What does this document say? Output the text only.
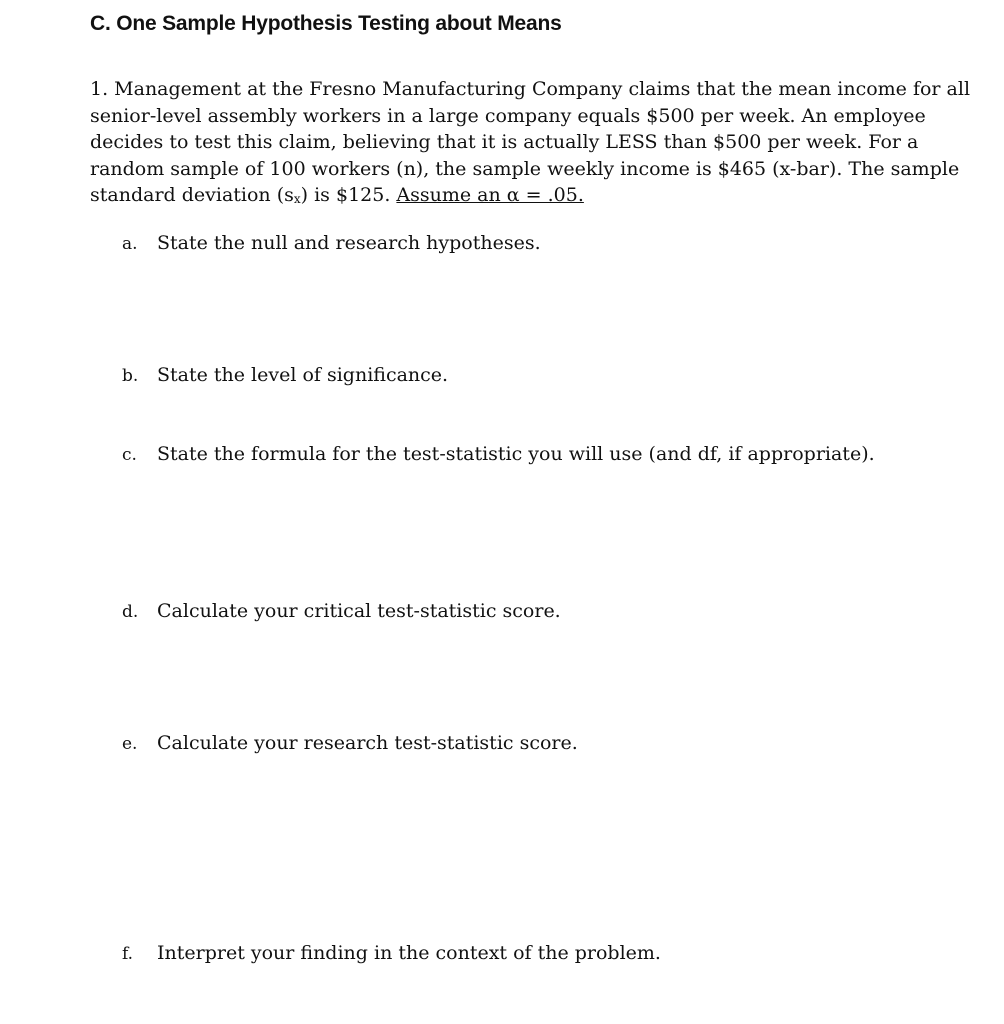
C. One Sample Hypothesis Testing about Means
1. Management at the Fresno Manufacturing Company claims that the mean income for all
senior-level assembly workers in a large company equals $500 per week. An employee
decides to test this claim, believing that it is actually LESS than $500 per week. For a
random sample of 100 workers (n), the sample weekly income is $465 (x-bar). The sample
standard deviation $(s_x)$ is $125. Assume an α = .05.
a. State the null and research hypotheses.
b. State the level of significance.
c. State the formula for the test-statistic you will use (and df, if appropriate).
d. Calculate your critical test-statistic score.
e. Calculate your research test-statistic score.
f. Interpret your finding in the context of the problem.
